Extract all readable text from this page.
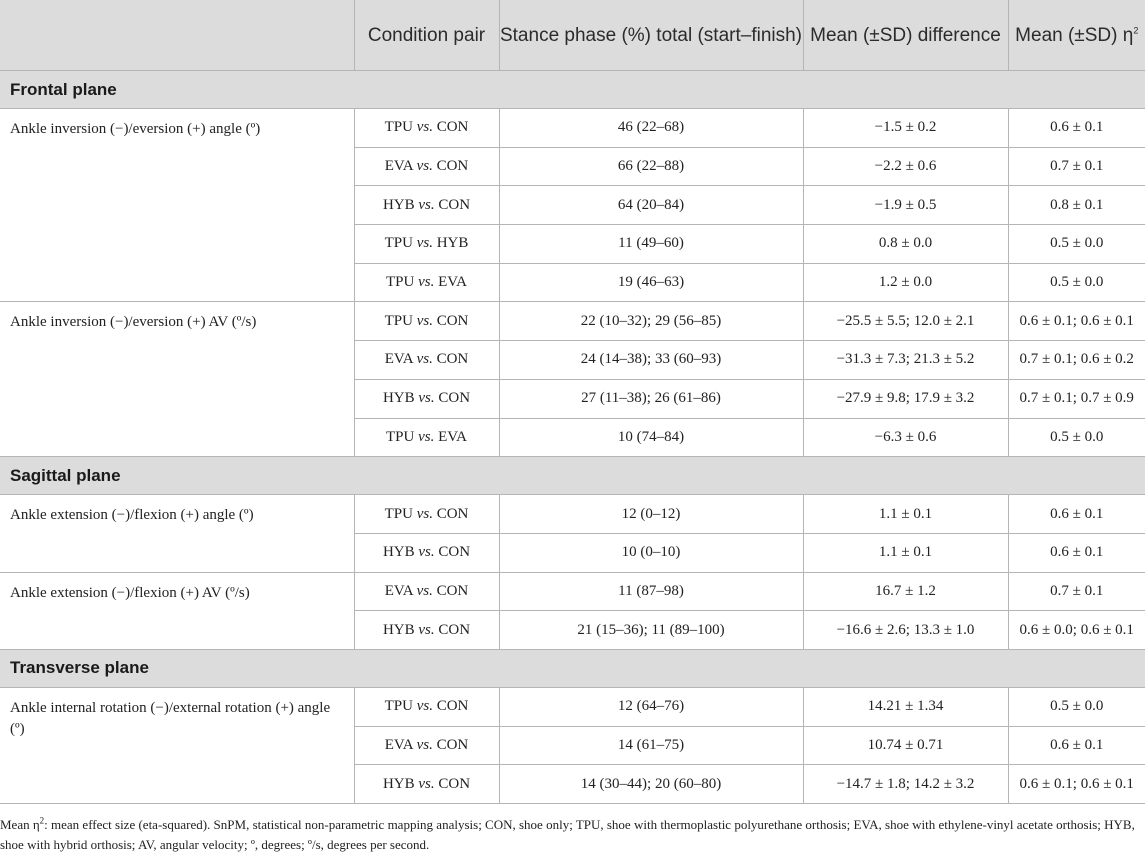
	Condition pair	Stance phase (%) total (start–finish)	Mean (±SD) difference	Mean (±SD) $\eta^2$
Frontal plane				
Ankle inversion (−)/eversion (+) angle (º)	TPU vs. CON	46 (22–68)	−1.5 ± 0.2	0.6 ± 0.1
	EVA vs. CON	66 (22–88)	−2.2 ± 0.6	0.7 ± 0.1
	HYB vs. CON	64 (20–84)	−1.9 ± 0.5	0.8 ± 0.1
	TPU vs. HYB	11 (49–60)	0.8 ± 0.0	0.5 ± 0.0
	TPU vs. EVA	19 (46–63)	1.2 ± 0.0	0.5 ± 0.0
Ankle inversion (−)/eversion (+) AV (º/s)	TPU vs. CON	22 (10–32); 29 (56–85)	−25.5 ± 5.5; 12.0 ± 2.1	0.6 ± 0.1; 0.6 ± 0.1
	EVA vs. CON	24 (14–38); 33 (60–93)	−31.3 ± 7.3; 21.3 ± 5.2	0.7 ± 0.1; 0.6 ± 0.2
	HYB vs. CON	27 (11–38); 26 (61–86)	−27.9 ± 9.8; 17.9 ± 3.2	0.7 ± 0.1; 0.7 ± 0.9
	TPU vs. EVA	10 (74–84)	−6.3 ± 0.6	0.5 ± 0.0
Sagittal plane				
Ankle extension (−)/flexion (+) angle (º)	TPU vs. CON	12 (0–12)	1.1 ± 0.1	0.6 ± 0.1
	HYB vs. CON	10 (0–10)	1.1 ± 0.1	0.6 ± 0.1
Ankle extension (−)/flexion (+) AV (º/s)	EVA vs. CON	11 (87–98)	16.7 ± 1.2	0.7 ± 0.1
	HYB vs. CON	21 (15–36); 11 (89–100)	−16.6 ± 2.6; 13.3 ± 1.0	0.6 ± 0.0; 0.6 ± 0.1
Transverse plane				
Ankle internal rotation (−)/external rotation (+) angle (º)	TPU vs. CON	12 (64–76)	14.21 ± 1.34	0.5 ± 0.0
	EVA vs. CON	14 (61–75)	10.74 ± 0.71	0.6 ± 0.1
	HYB vs. CON	14 (30–44); 20 (60–80)	−14.7 ± 1.8; 14.2 ± 3.2	0.6 ± 0.1; 0.6 ± 0.1
Mean $\eta^2$: mean effect size (eta-squared). SnPM, statistical non-parametric mapping analysis; CON, shoe only; TPU, shoe with thermoplastic polyurethane orthosis; EVA, shoe with ethylene-vinyl acetate orthosis; HYB, shoe with hybrid orthosis; AV, angular velocity; º, degrees; º/s, degrees per second.
